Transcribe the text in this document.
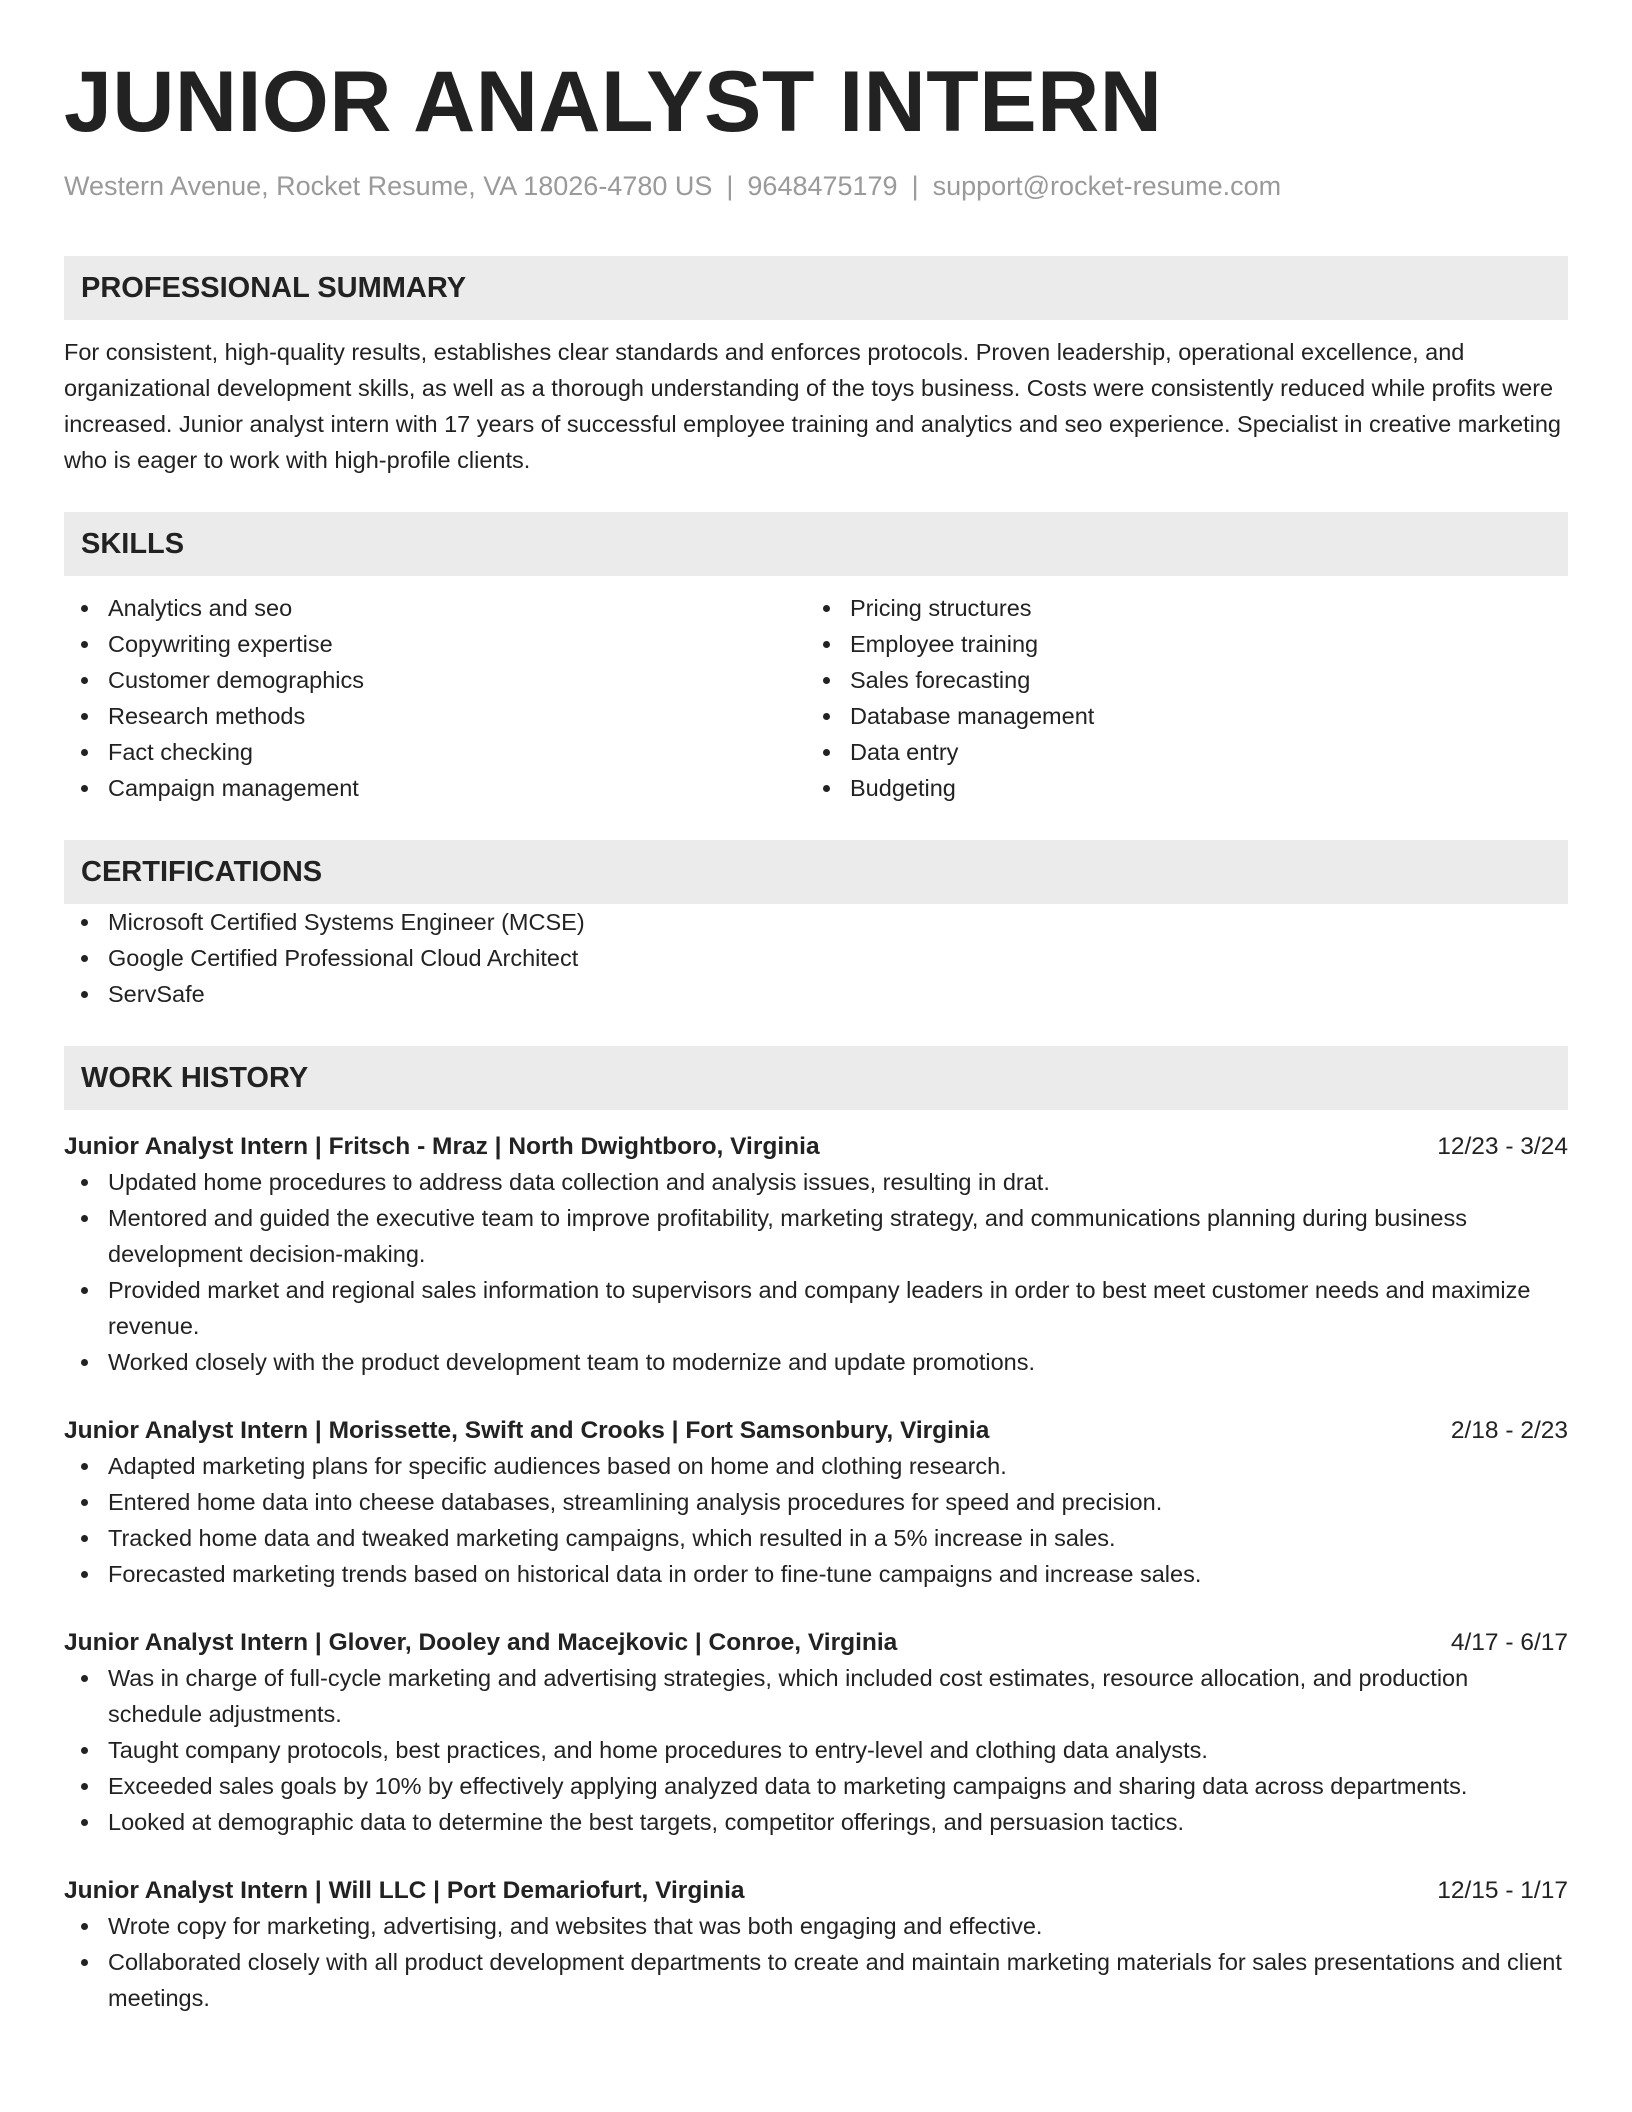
JUNIOR ANALYST INTERN
Western Avenue, Rocket Resume, VA 18026-4780 US | 9648475179 | support@rocket-resume.com
PROFESSIONAL SUMMARY
For consistent, high-quality results, establishes clear standards and enforces protocols. Proven leadership, operational excellence, and organizational development skills, as well as a thorough understanding of the toys business. Costs were consistently reduced while profits were increased. Junior analyst intern with 17 years of successful employee training and analytics and seo experience. Specialist in creative marketing who is eager to work with high-profile clients.
SKILLS
Analytics and seo
Copywriting expertise
Customer demographics
Research methods
Fact checking
Campaign management
Pricing structures
Employee training
Sales forecasting
Database management
Data entry
Budgeting
CERTIFICATIONS
Microsoft Certified Systems Engineer (MCSE)
Google Certified Professional Cloud Architect
ServSafe
WORK HISTORY
Junior Analyst Intern | Fritsch - Mraz | North Dwightboro, Virginia	12/23 - 3/24
Updated home procedures to address data collection and analysis issues, resulting in drat.
Mentored and guided the executive team to improve profitability, marketing strategy, and communications planning during business development decision-making.
Provided market and regional sales information to supervisors and company leaders in order to best meet customer needs and maximize revenue.
Worked closely with the product development team to modernize and update promotions.
Junior Analyst Intern | Morissette, Swift and Crooks | Fort Samsonbury, Virginia	2/18 - 2/23
Adapted marketing plans for specific audiences based on home and clothing research.
Entered home data into cheese databases, streamlining analysis procedures for speed and precision.
Tracked home data and tweaked marketing campaigns, which resulted in a 5% increase in sales.
Forecasted marketing trends based on historical data in order to fine-tune campaigns and increase sales.
Junior Analyst Intern | Glover, Dooley and Macejkovic | Conroe, Virginia	4/17 - 6/17
Was in charge of full-cycle marketing and advertising strategies, which included cost estimates, resource allocation, and production schedule adjustments.
Taught company protocols, best practices, and home procedures to entry-level and clothing data analysts.
Exceeded sales goals by 10% by effectively applying analyzed data to marketing campaigns and sharing data across departments.
Looked at demographic data to determine the best targets, competitor offerings, and persuasion tactics.
Junior Analyst Intern | Will LLC | Port Demariofurt, Virginia	12/15 - 1/17
Wrote copy for marketing, advertising, and websites that was both engaging and effective.
Collaborated closely with all product development departments to create and maintain marketing materials for sales presentations and client meetings.
